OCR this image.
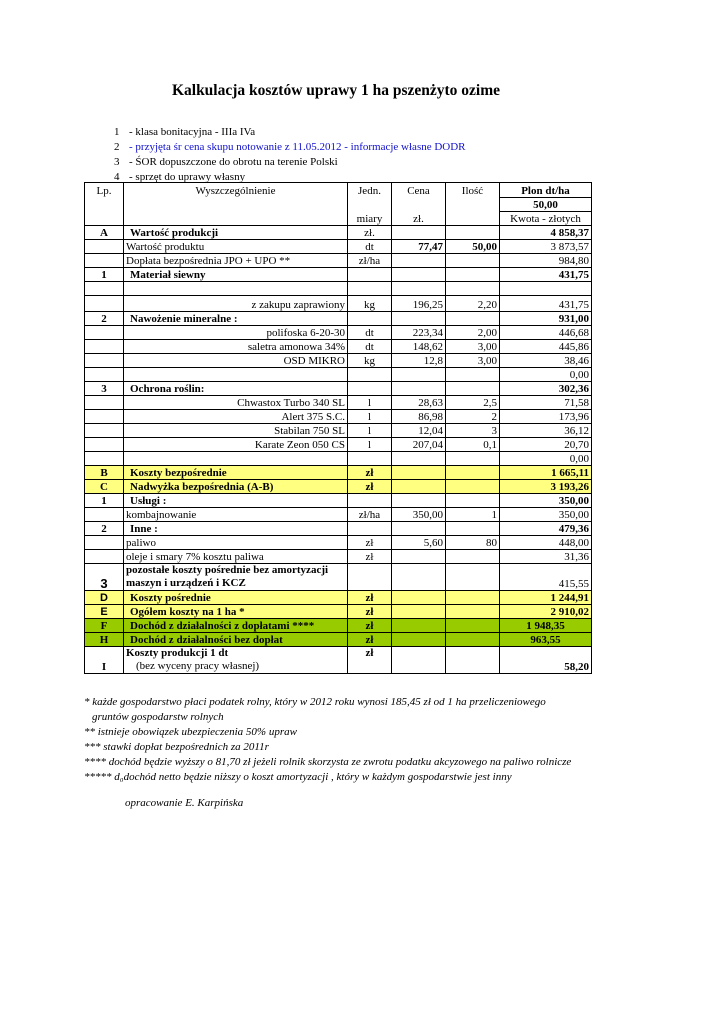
Kalkulacja kosztów uprawy 1 ha pszenżyto ozime
1 - klasa bonitacyjna - IIIa IVa
2 - przyjęta śr cena skupu notowanie z 11.05.2012 - informacje własne DODR
3 - ŚOR dopuszczone do obrotu na terenie Polski
4 - sprzęt do uprawy własny
Lp.	Wyszczególnienie	Jedn.	Cena	Ilość	Plon dt/ha
					50,00
		miary	zł.		Kwota - złotych
A	Wartość produkcji	zł.			4 858,37
	Wartość produktu	dt	77,47	50,00	3 873,57
	Dopłata bezpośrednia JPO + UPO **	zł/ha			984,80
1	Materiał siewny				431,75

	z zakupu zaprawiony	kg	196,25	2,20	431,75
2	Nawożenie mineralne :				931,00
	polifoska 6-20-30	dt	223,34	2,00	446,68
	saletra amonowa 34%	dt	148,62	3,00	445,86
	OSD MIKRO	kg	12,8	3,00	38,46
					0,00
3	Ochrona roślin:				302,36
	Chwastox Turbo 340 SL	l	28,63	2,5	71,58
	Alert 375 S.C.	l	86,98	2	173,96
	Stabilan 750 SL	l	12,04	3	36,12
	Karate Zeon 050 CS	l	207,04	0,1	20,70
					0,00
B	Koszty bezpośrednie	zł			1 665,11
C	Nadwyżka bezpośrednia (A-B)	zł			3 193,26
1	Usługi :				350,00
	kombajnowanie	zł/ha	350,00	1	350,00
2	Inne :				479,36
	paliwo	zł	5,60	80	448,00
	oleje i smary 7% kosztu paliwa	zł			31,36
3	pozostałe koszty pośrednie bez amortyzacji
maszyn i urządzeń i KCZ				415,55
D	Koszty pośrednie	zł			1 244,91
E	Ogółem koszty na 1 ha *	zł			2 910,02
F	Dochód z działalności z dopłatami ****	zł			1 948,35
H	Dochód z działalności bez dopłat	zł			963,55
I	Koszty produkcji 1 dt
(bez wyceny pracy własnej)	zł			58,20
* każde gospodarstwo płaci podatek rolny, który w 2012 roku wynosi 185,45 zł od 1 ha przeliczeniowego
gruntów gospodarstw rolnych
** istnieje obowiązek ubezpieczenia 50% upraw
*** stawki dopłat bezpośrednich za 2011r
**** dochód będzie wyższy o 81,70 zł jeżeli rolnik skorzysta ze zwrotu podatku akcyzowego na paliwo rolnicze
***** d₀dochód netto będzie niższy o koszt amortyzacji , który w każdym gospodarstwie jest inny
opracowanie E. Karpińska
